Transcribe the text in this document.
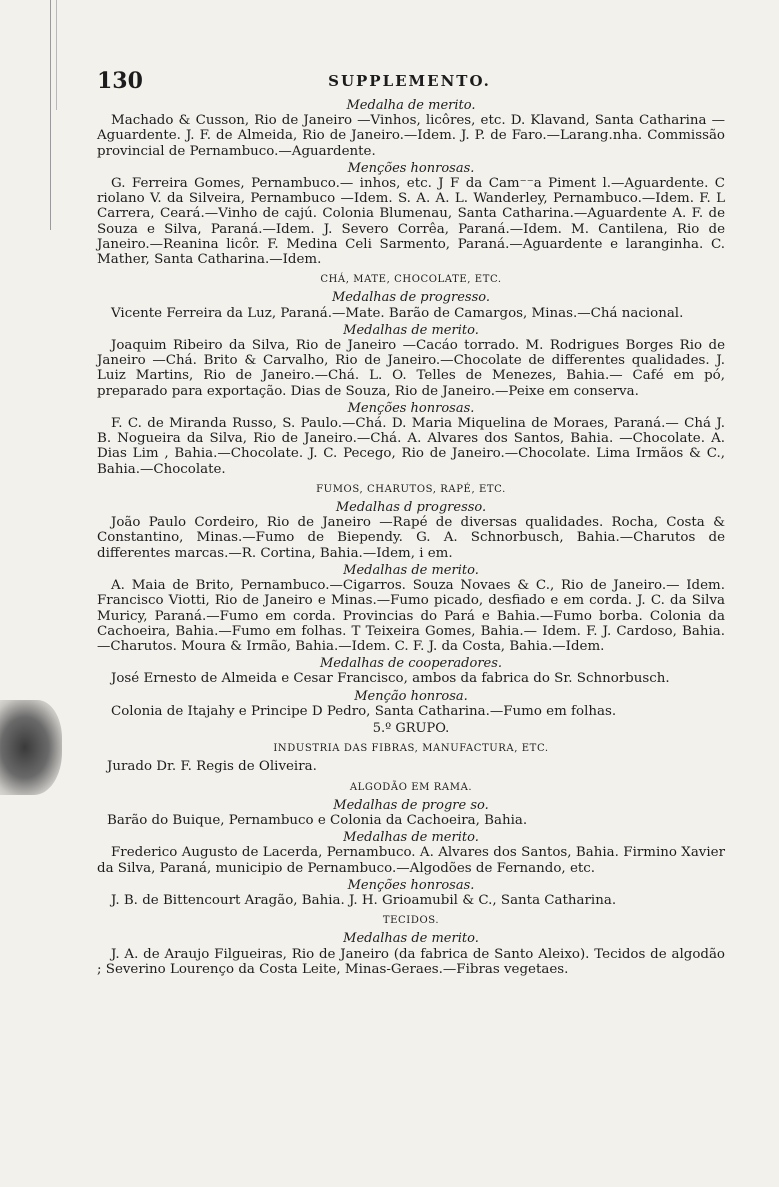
130	SUPPLEMENTO.
Medalha de merito.

Machado & Cusson, Rio de Janeiro —Vinhos, licôres, etc. D. Klavand, Santa Catharina —Aguardente. J. F. de Almeida, Rio de Janeiro.—Idem. J. P. de Faro.—Larang.nha. Commissão provincial de Pernambuco.—Aguardente.

Menções honrosas.

G. Ferreira Gomes, Pernambuco.— inhos, etc. J F da Cam⁻⁻a Piment l.—Aguardente. C riolano V. da Silveira, Pernambuco —Idem. S. A. A. L. Wanderley, Pernambuco.—Idem. F. L Carrera, Ceará.—Vinho de cajú. Colonia Blumenau, Santa Catharina.—Aguardente A. F. de Souza e Silva, Paraná.—Idem. J. Severo Corrêa, Paraná.—Idem. M. Cantilena, Rio de Janeiro.—Reanina licôr. F. Medina Celi Sarmento, Paraná.—Aguardente e laranginha. C. Mather, Santa Catharina.—Idem.

CHÁ, MATE, CHOCOLATE, ETC.
Medalhas de progresso.

Vicente Ferreira da Luz, Paraná.—Mate. Barão de Camargos, Minas.—Chá nacional.

Medalhas de merito.

Joaquim Ribeiro da Silva, Rio de Janeiro —Cacáo torrado. M. Rodrigues Borges Rio de Janeiro —Chá. Brito & Carvalho, Rio de Janeiro.—Chocolate de differentes qualidades. J. Luiz Martins, Rio de Janeiro.—Chá. L. O. Telles de Menezes, Bahia.— Café em pó, preparado para exportação. Dias de Souza, Rio de Janeiro.—Peixe em conserva.

Menções honrosas.

F. C. de Miranda Russo, S. Paulo.—Chá. D. Maria Miquelina de Moraes, Paraná.— Chá J. B. Nogueira da Silva, Rio de Janeiro.—Chá. A. Alvares dos Santos, Bahia. —Chocolate. A. Dias Lim , Bahia.—Chocolate. J. C. Pecego, Rio de Janeiro.—Chocolate. Lima Irmãos & C., Bahia.—Chocolate.

FUMOS, CHARUTOS, RAPÉ, ETC.
Medalhas d progresso.

João Paulo Cordeiro, Rio de Janeiro —Rapé de diversas qualidades. Rocha, Costa & Constantino, Minas.—Fumo de Biependy. G. A. Schnorbusch, Bahia.—Charutos de differentes marcas.—R. Cortina, Bahia.—Idem, i em.

Medalhas de merito.

A. Maia de Brito, Pernambuco.—Cigarros. Souza Novaes & C., Rio de Janeiro.— Idem. Francisco Viotti, Rio de Janeiro e Minas.—Fumo picado, desfiado e em corda. J. C. da Silva Muricy, Paraná.—Fumo em corda. Provincias do Pará e Bahia.—Fumo borba. Colonia da Cachoeira, Bahia.—Fumo em folhas. T Teixeira Gomes, Bahia.— Idem. F. J. Cardoso, Bahia.—Charutos. Moura & Irmão, Bahia.—Idem. C. F. J. da Costa, Bahia.—Idem.

Medalhas de cooperadores.

José Ernesto de Almeida e Cesar Francisco, ambos da fabrica do Sr. Schnorbusch.

Menção honrosa.

Colonia de Itajahy e Principe D Pedro, Santa Catharina.—Fumo em folhas.

5.º GRUPO.
INDUSTRIA DAS FIBRAS, MANUFACTURA, ETC.

Jurado Dr. F. Regis de Oliveira.

ALGODÃO EM RAMA.
Medalhas de progre so.

Barão do Buique, Pernambuco e Colonia da Cachoeira, Bahia.

Medalhas de merito.

Frederico Augusto de Lacerda, Pernambuco. A. Alvares dos Santos, Bahia. Firmino Xavier da Silva, Paraná, municipio de Pernambuco.—Algodões de Fernando, etc.

Menções honrosas.

J. B. de Bittencourt Aragão, Bahia. J. H. Grioamubil & C., Santa Catharina.

TECIDOS.
Medalhas de merito.

J. A. de Araujo Filgueiras, Rio de Janeiro (da fabrica de Santo Aleixo). Tecidos de algodão ; Severino Lourenço da Costa Leite, Minas-Geraes.—Fibras vegetaes.
